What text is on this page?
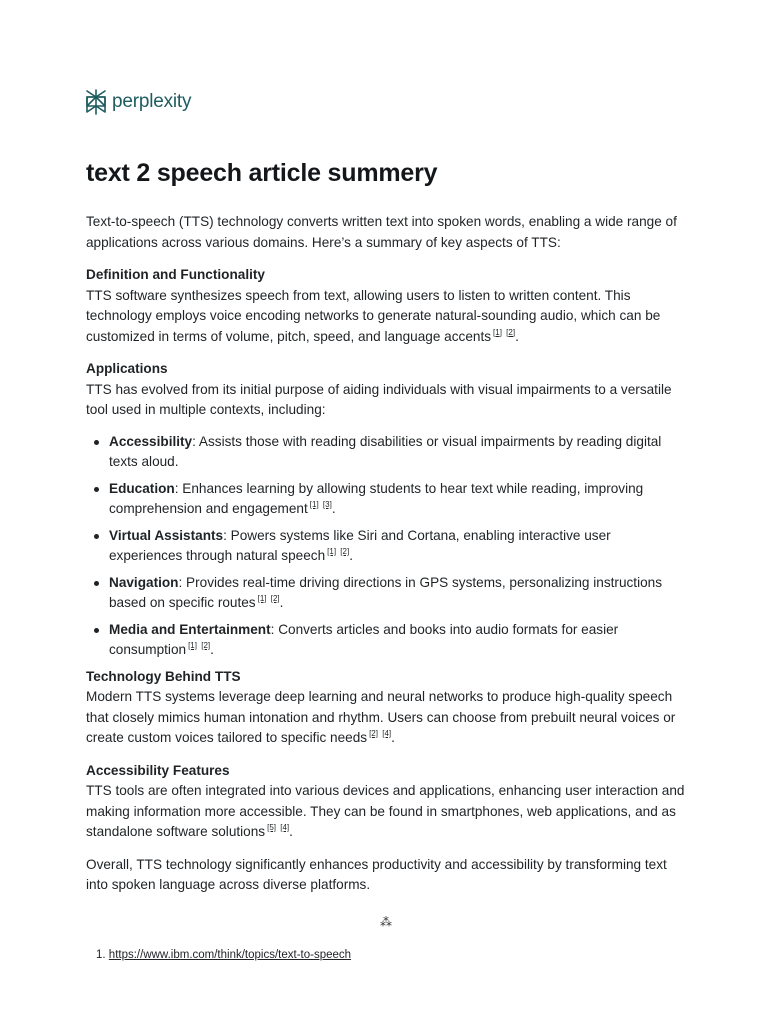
perplexity
text 2 speech article summery

Text-to-speech (TTS) technology converts written text into spoken words, enabling a wide range of applications across various domains. Here’s a summary of key aspects of TTS:

Definition and Functionality

TTS software synthesizes speech from text, allowing users to listen to written content. This technology employs voice encoding networks to generate natural-sounding audio, which can be customized in terms of volume, pitch, speed, and language accents [1] [2].

Applications

TTS has evolved from its initial purpose of aiding individuals with visual impairments to a versatile tool used in multiple contexts, including:

Accessibility: Assists those with reading disabilities or visual impairments by reading digital texts aloud.
Education: Enhances learning by allowing students to hear text while reading, improving comprehension and engagement [1] [3].
Virtual Assistants: Powers systems like Siri and Cortana, enabling interactive user experiences through natural speech [1] [2].
Navigation: Provides real-time driving directions in GPS systems, personalizing instructions based on specific routes [1] [2].
Media and Entertainment: Converts articles and books into audio formats for easier consumption [1] [2].

Technology Behind TTS

Modern TTS systems leverage deep learning and neural networks to produce high-quality speech that closely mimics human intonation and rhythm. Users can choose from prebuilt neural voices or create custom voices tailored to specific needs [2] [4].

Accessibility Features

TTS tools are often integrated into various devices and applications, enhancing user interaction and making information more accessible. They can be found in smartphones, web applications, and as standalone software solutions [5] [4].

Overall, TTS technology significantly enhances productivity and accessibility by transforming text into spoken language across diverse platforms.

⁂
1. https://www.ibm.com/think/topics/text-to-speech
